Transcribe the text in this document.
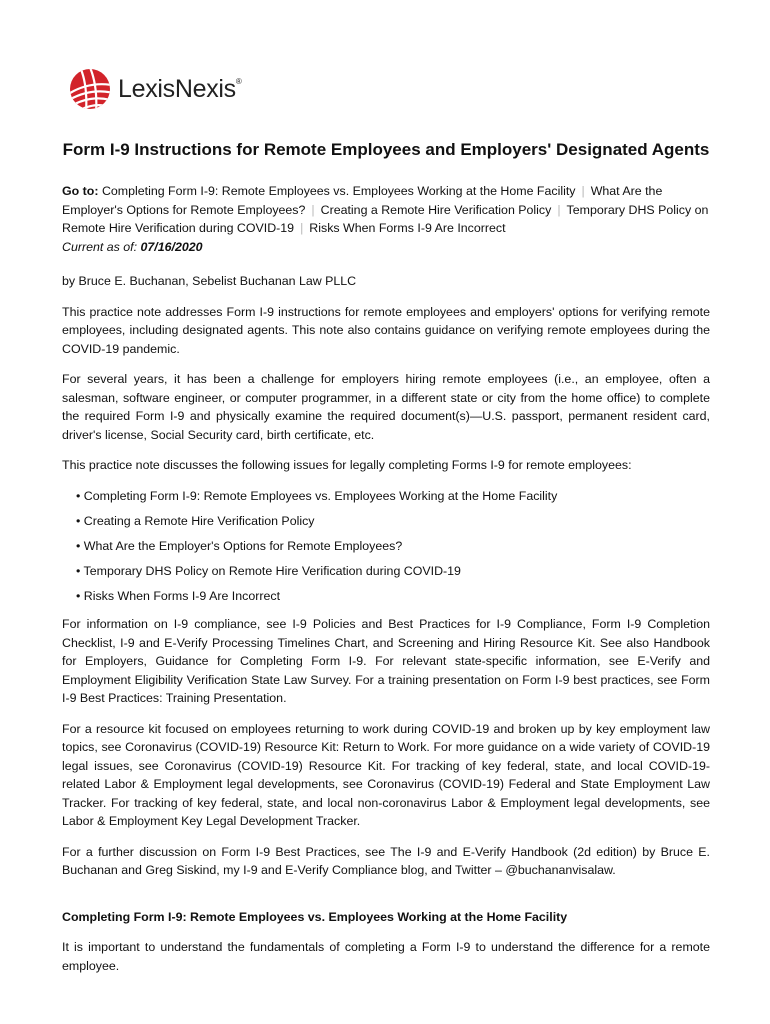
LexisNexis®
Form I-9 Instructions for Remote Employees and Employers' Designated Agents
Go to: Completing Form I-9: Remote Employees vs. Employees Working at the Home Facility | What Are the Employer's Options for Remote Employees? | Creating a Remote Hire Verification Policy | Temporary DHS Policy on Remote Hire Verification during COVID-19 | Risks When Forms I-9 Are Incorrect
Current as of: 07/16/2020

by Bruce E. Buchanan, Sebelist Buchanan Law PLLC

This practice note addresses Form I-9 instructions for remote employees and employers' options for verifying remote employees, including designated agents. This note also contains guidance on verifying remote employees during the COVID-19 pandemic.

For several years, it has been a challenge for employers hiring remote employees (i.e., an employee, often a salesman, software engineer, or computer programmer, in a different state or city from the home office) to complete the required Form I-9 and physically examine the required document(s)—U.S. passport, permanent resident card, driver's license, Social Security card, birth certificate, etc.

This practice note discusses the following issues for legally completing Forms I-9 for remote employees:

• Completing Form I-9: Remote Employees vs. Employees Working at the Home Facility
• Creating a Remote Hire Verification Policy
• What Are the Employer's Options for Remote Employees?
• Temporary DHS Policy on Remote Hire Verification during COVID-19
• Risks When Forms I-9 Are Incorrect

For information on I-9 compliance, see I-9 Policies and Best Practices for I-9 Compliance, Form I-9 Completion Checklist, I-9 and E-Verify Processing Timelines Chart, and Screening and Hiring Resource Kit. See also Handbook for Employers, Guidance for Completing Form I-9. For relevant state-specific information, see E-Verify and Employment Eligibility Verification State Law Survey. For a training presentation on Form I-9 best practices, see Form I-9 Best Practices: Training Presentation.

For a resource kit focused on employees returning to work during COVID-19 and broken up by key employment law topics, see Coronavirus (COVID-19) Resource Kit: Return to Work. For more guidance on a wide variety of COVID-19 legal issues, see Coronavirus (COVID-19) Resource Kit. For tracking of key federal, state, and local COVID-19-related Labor & Employment legal developments, see Coronavirus (COVID-19) Federal and State Employment Law Tracker. For tracking of key federal, state, and local non-coronavirus Labor & Employment legal developments, see Labor & Employment Key Legal Development Tracker.

For a further discussion on Form I-9 Best Practices, see The I-9 and E-Verify Handbook (2d edition) by Bruce E. Buchanan and Greg Siskind, my I-9 and E-Verify Compliance blog, and Twitter – @buchananvisalaw.

Completing Form I-9: Remote Employees vs. Employees Working at the Home Facility

It is important to understand the fundamentals of completing a Form I-9 to understand the difference for a remote employee.
